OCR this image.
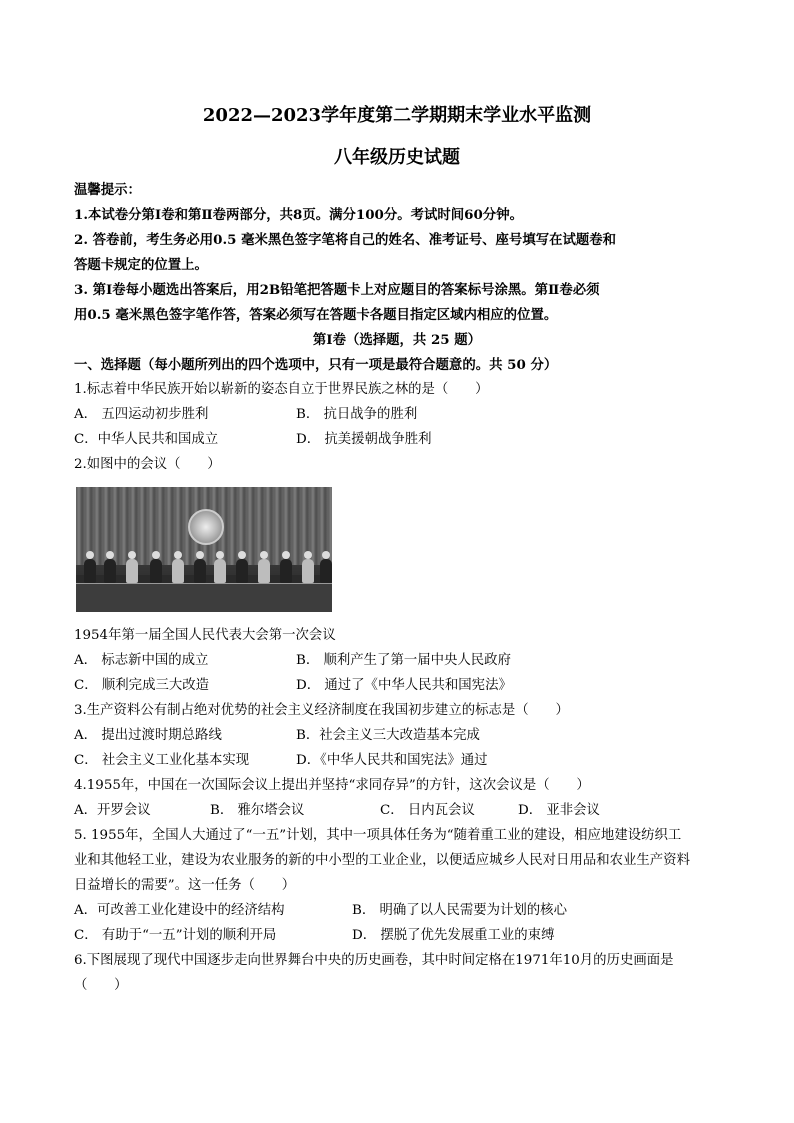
2022—2023学年度第二学期期末学业水平监测
八年级历史试题
温馨提示：
1.本试卷分第Ⅰ卷和第Ⅱ卷两部分，共8页。满分100分。考试时间60分钟。
2. 答卷前，考生务必用0.5 毫米黑色签字笔将自己的姓名、准考证号、座号填写在试题卷和
答题卡规定的位置上。
3. 第Ⅰ卷每小题选出答案后，用2B铅笔把答题卡上对应题目的答案标号涂黑。第Ⅱ卷必须
用0.5 毫米黑色签字笔作答，答案必须写在答题卡各题目指定区域内相应的位置。
第Ⅰ卷（选择题，共 25 题）
一、选择题（每小题所列出的四个选项中，只有一项是最符合题意的。共 50 分）
1.标志着中华民族开始以崭新的姿态自立于世界民族之林的是（　　）
A． 五四运动初步胜利	B． 抗日战争的胜利
C．中华人民共和国成立	D． 抗美援朝战争胜利
2.如图中的会议（　　）
1954年第一届全国人民代表大会第一次会议
A． 标志新中国的成立	B． 顺利产生了第一届中央人民政府
C． 顺利完成三大改造	D． 通过了《中华人民共和国宪法》
3.生产资料公有制占绝对优势的社会主义经济制度在我国初步建立的标志是（　　）
A． 提出过渡时期总路线	B．社会主义三大改造基本完成
C． 社会主义工业化基本实现	D．《中华人民共和国宪法》通过
4.1955年，中国在一次国际会议上提出并坚持“求同存异”的方针，这次会议是（　　）
A．开罗会议	B． 雅尔塔会议	C． 日内瓦会议	D． 亚非会议
5. 1955年，全国人大通过了“一五”计划，其中一项具体任务为“随着重工业的建设，相应地建设纺织工
业和其他轻工业，建设为农业服务的新的中小型的工业企业，以便适应城乡人民对日用品和农业生产资料
日益增长的需要”。这一任务（　　）
A．可改善工业化建设中的经济结构	B． 明确了以人民需要为计划的核心
C． 有助于“一五”计划的顺利开局	D． 摆脱了优先发展重工业的束缚
6.下图展现了现代中国逐步走向世界舞台中央的历史画卷，其中时间定格在1971年10月的历史画面是
（　　）
